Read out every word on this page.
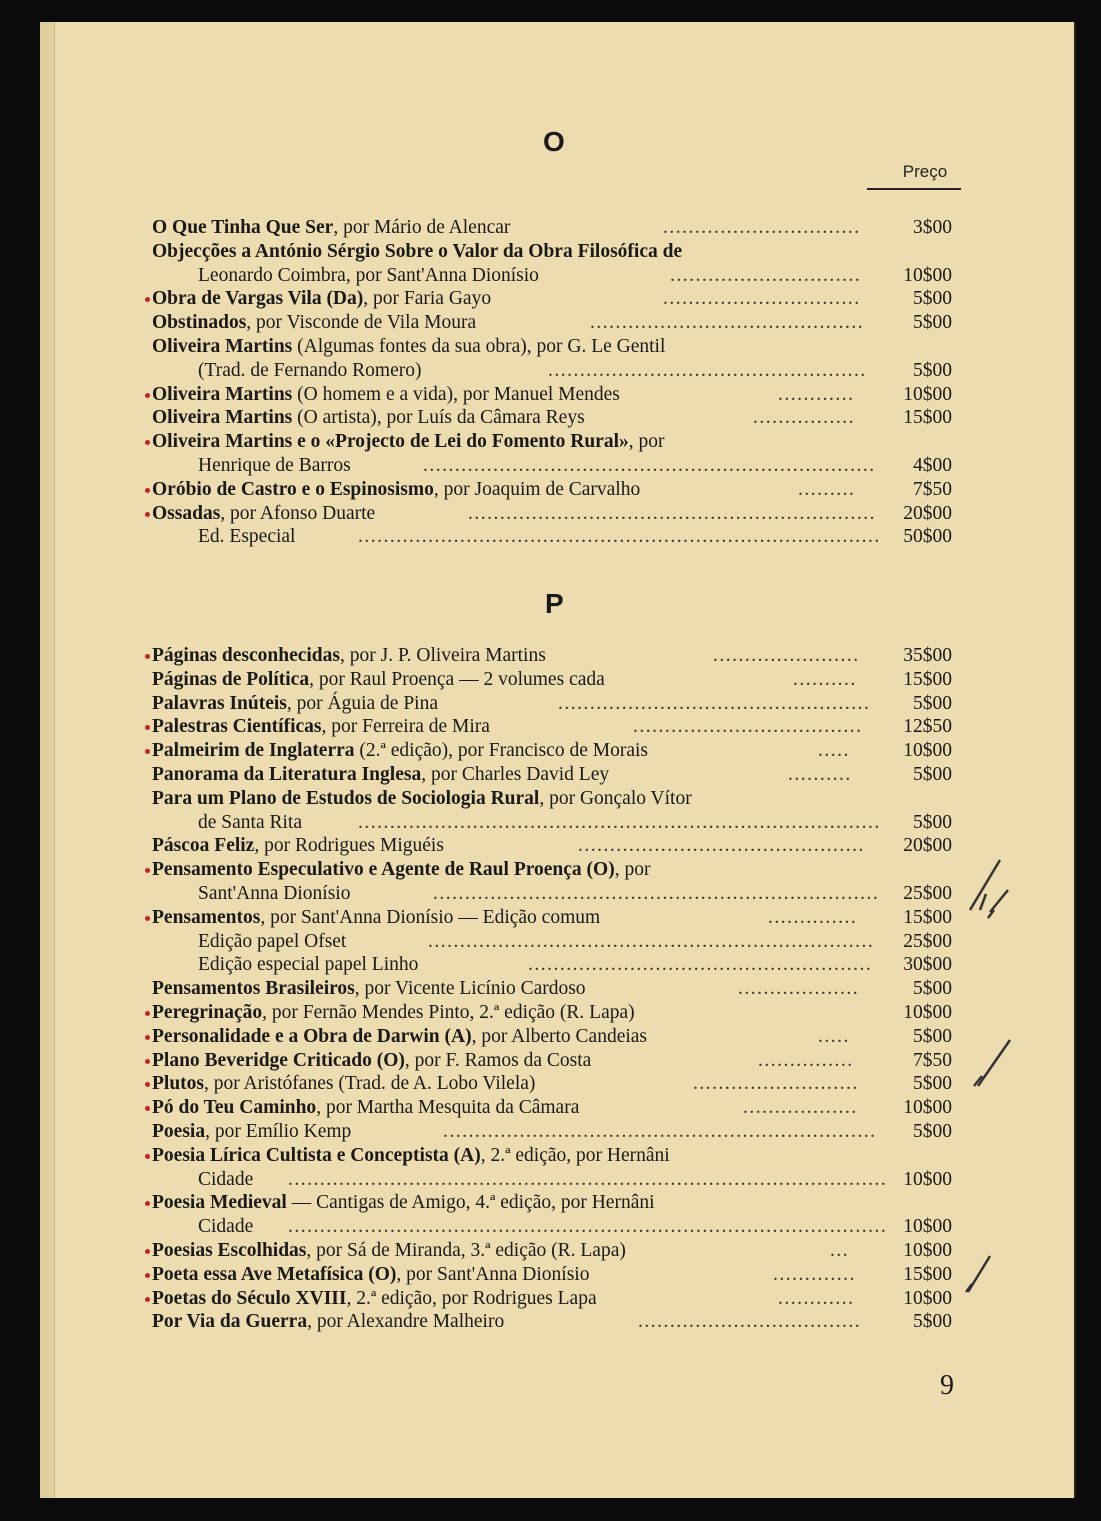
O
Preço
O Que Tinha Que Ser, por Mário de Alencar	...............................	3$00
Objecções a António Sérgio Sobre o Valor da Obra Filosófica de
Leonardo Coimbra, por Sant'Anna Dionísio	..............................	10$00
Obra de Vargas Vila (Da), por Faria Gayo	...............................	5$00
Obstinados, por Visconde de Vila Moura	...........................................	5$00
Oliveira Martins (Algumas fontes da sua obra), por G. Le Gentil
(Trad. de Fernando Romero)	..................................................	5$00
Oliveira Martins (O homem e a vida), por Manuel Mendes	............	10$00
Oliveira Martins (O artista), por Luís da Câmara Reys	................	15$00
Oliveira Martins e o «Projecto de Lei do Fomento Rural», por
Henrique de Barros	.......................................................................	4$00
Oróbio de Castro e o Espinosismo, por Joaquim de Carvalho	.........	7$50
Ossadas, por Afonso Duarte	................................................................	20$00
Ed. Especial	..................................................................................	50$00
P
Páginas desconhecidas, por J. P. Oliveira Martins	.......................	35$00
Páginas de Política, por Raul Proença — 2 volumes cada	..........	15$00
Palavras Inúteis, por Águia de Pina	.................................................	5$00
Palestras Científicas, por Ferreira de Mira	....................................	12$50
Palmeirim de Inglaterra (2.ª edição), por Francisco de Morais	.....	10$00
Panorama da Literatura Inglesa, por Charles David Ley	..........	5$00
Para um Plano de Estudos de Sociologia Rural, por Gonçalo Vítor
de Santa Rita	..................................................................................	5$00
Páscoa Feliz, por Rodrigues Miguéis	.............................................	20$00
Pensamento Especulativo e Agente de Raul Proença (O), por
Sant'Anna Dionísio	......................................................................	25$00
Pensamentos, por Sant'Anna Dionísio — Edição comum	..............	15$00
Edição papel Ofset	......................................................................	25$00
Edição especial papel Linho	......................................................	30$00
Pensamentos Brasileiros, por Vicente Licínio Cardoso	...................	5$00
Peregrinação, por Fernão Mendes Pinto, 2.ª edição (R. Lapa)	10$00
Personalidade e a Obra de Darwin (A), por Alberto Candeias	.....	5$00
Plano Beveridge Criticado (O), por F. Ramos da Costa	...............	7$50
Plutos, por Aristófanes (Trad. de A. Lobo Vilela)	..........................	5$00
Pó do Teu Caminho, por Martha Mesquita da Câmara	..................	10$00
Poesia, por Emílio Kemp	....................................................................	5$00
Poesia Lírica Cultista e Conceptista (A), 2.ª edição, por Hernâni
Cidade .............................................................................................. 10$00
Poesia Medieval — Cantigas de Amigo, 4.ª edição, por Hernâni
Cidade .............................................................................................. 10$00
Poesias Escolhidas, por Sá de Miranda, 3.ª edição (R. Lapa)	...	10$00
Poeta essa Ave Metafísica (O), por Sant'Anna Dionísio	.............	15$00
Poetas do Século XVIII, 2.ª edição, por Rodrigues Lapa	............	10$00
Por Via da Guerra, por Alexandre Malheiro	...................................	5$00
9
